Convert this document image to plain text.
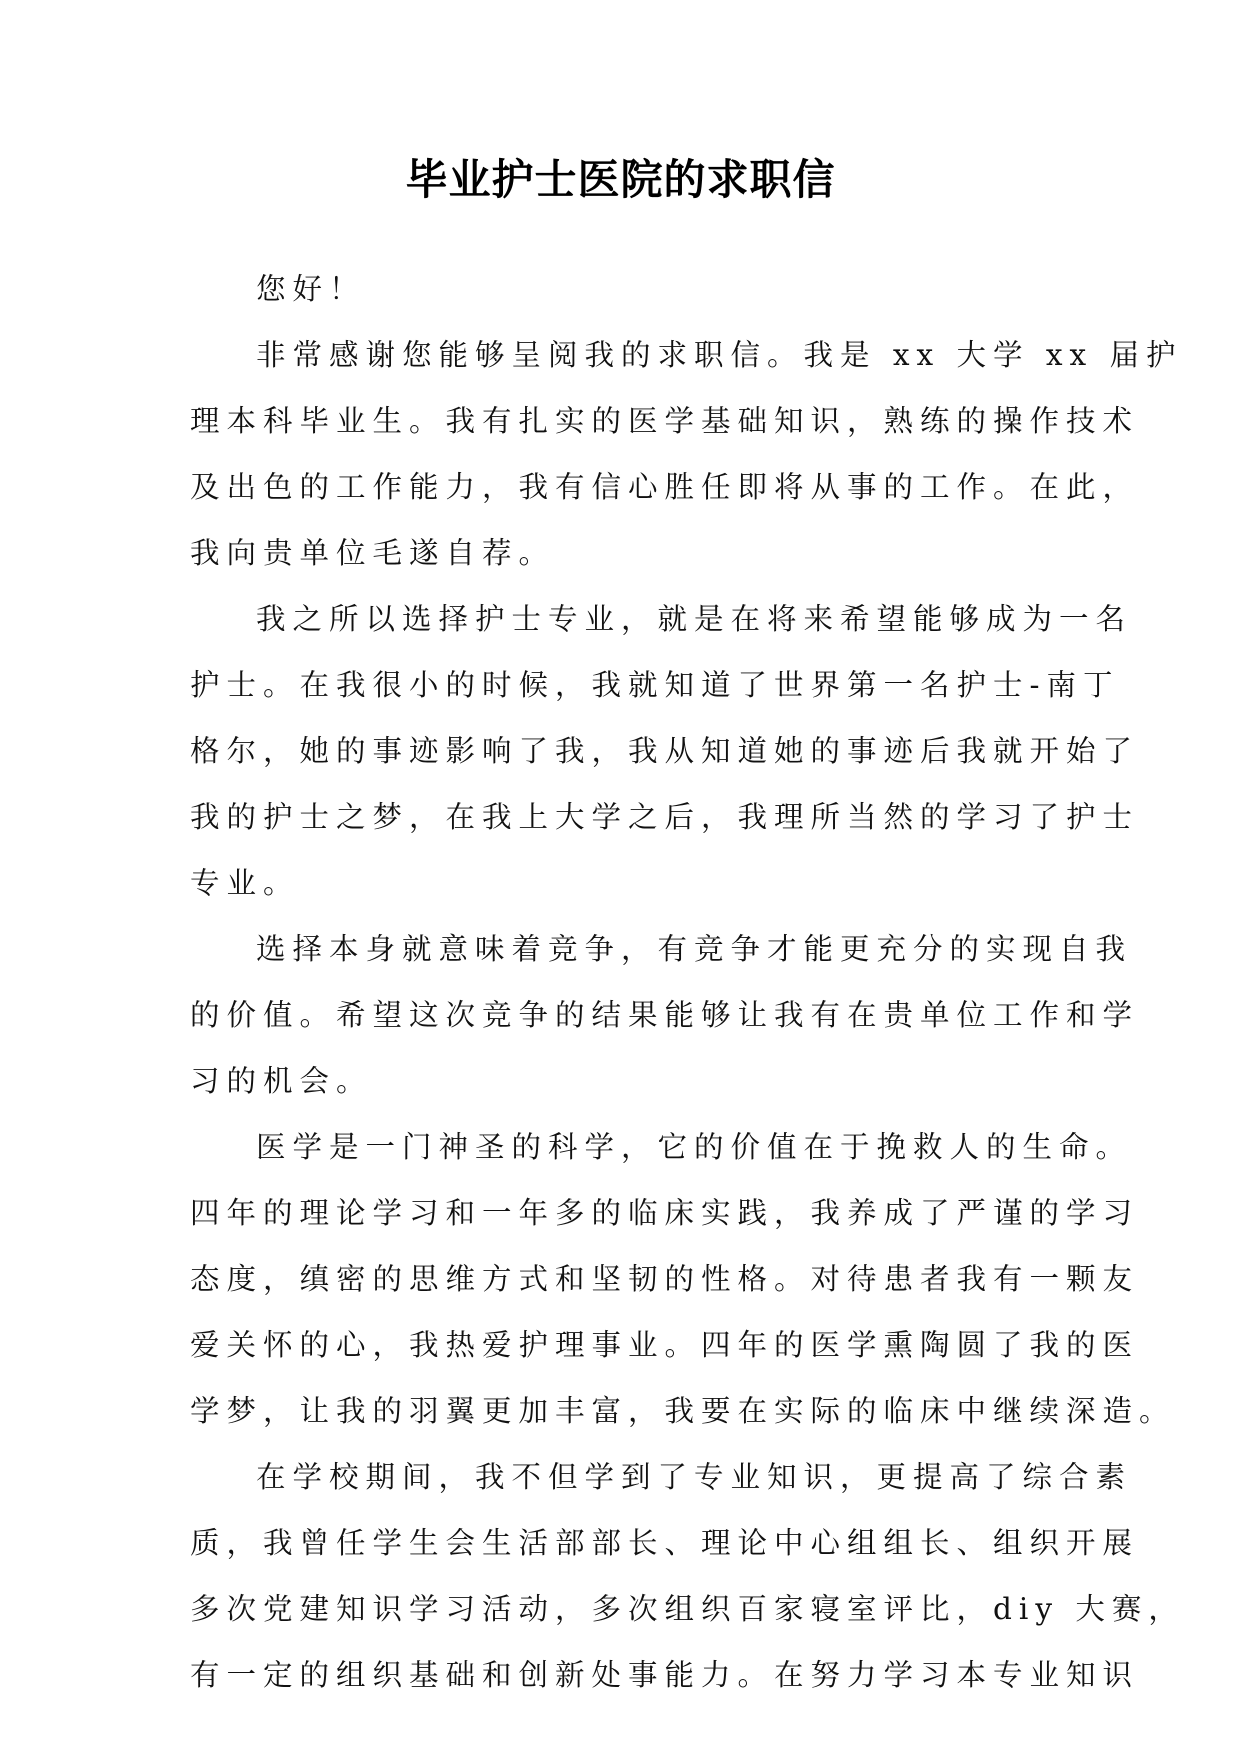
毕业护士医院的求职信
您好！
非常感谢您能够呈阅我的求职信。我是 xx 大学 xx 届护
理本科毕业生。我有扎实的医学基础知识，熟练的操作技术
及出色的工作能力，我有信心胜任即将从事的工作。在此，
我向贵单位毛遂自荐。
我之所以选择护士专业，就是在将来希望能够成为一名
护士。在我很小的时候，我就知道了世界第一名护士-南丁
格尔，她的事迹影响了我，我从知道她的事迹后我就开始了
我的护士之梦，在我上大学之后，我理所当然的学习了护士
专业。
选择本身就意味着竞争，有竞争才能更充分的实现自我
的价值。希望这次竞争的结果能够让我有在贵单位工作和学
习的机会。
医学是一门神圣的科学，它的价值在于挽救人的生命。
四年的理论学习和一年多的临床实践，我养成了严谨的学习
态度，缜密的思维方式和坚韧的性格。对待患者我有一颗友
爱关怀的心，我热爱护理事业。四年的医学熏陶圆了我的医
学梦，让我的羽翼更加丰富，我要在实际的临床中继续深造。
在学校期间，我不但学到了专业知识，更提高了综合素
质，我曾任学生会生活部部长、理论中心组组长、组织开展
多次党建知识学习活动，多次组织百家寝室评比，diy 大赛，
有一定的组织基础和创新处事能力。在努力学习本专业知识
